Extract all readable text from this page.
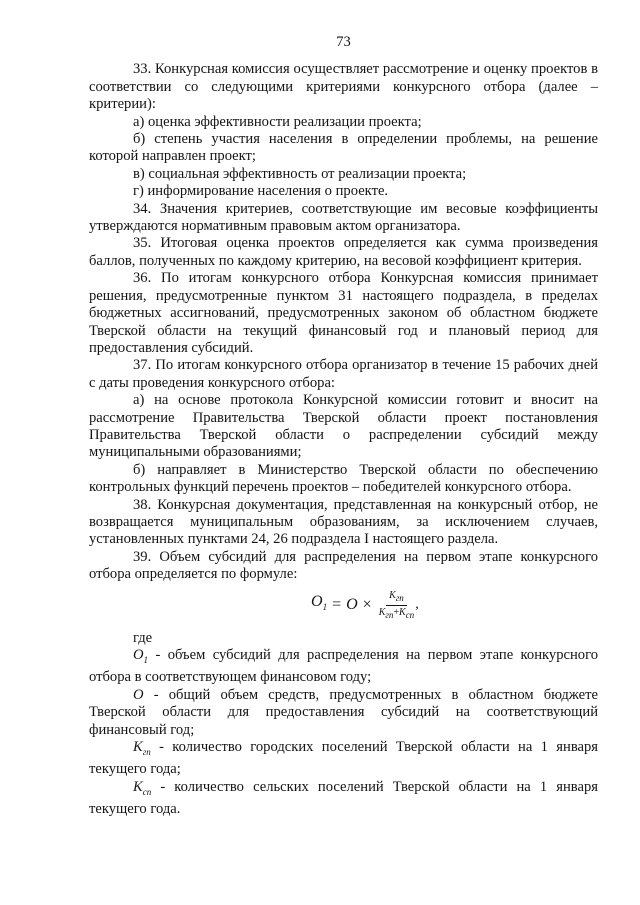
73

33. Конкурсная комиссия осуществляет рассмотрение и оценку проектов в соответствии со следующими критериями конкурсного отбора (далее – критерии):

а) оценка эффективности реализации проекта;

б) степень участия населения в определении проблемы, на решение которой направлен проект;

в) социальная эффективность от реализации проекта;

г) информирование населения о проекте.

34. Значения критериев, соответствующие им весовые коэффициенты утверждаются нормативным правовым актом организатора.

35. Итоговая оценка проектов определяется как сумма произведения баллов, полученных по каждому критерию, на весовой коэффициент критерия.

36. По итогам конкурсного отбора Конкурсная комиссия принимает решения, предусмотренные пунктом 31 настоящего подраздела, в пределах бюджетных ассигнований, предусмотренных законом об областном бюджете Тверской области на текущий финансовый год и плановый период для предоставления субсидий.

37. По итогам конкурсного отбора организатор в течение 15 рабочих дней с даты проведения конкурсного отбора:

а) на основе протокола Конкурсной комиссии готовит и вносит на рассмотрение Правительства Тверской области проект постановления Правительства Тверской области о распределении субсидий между муниципальными образованиями;

б) направляет в Министерство Тверской области по обеспечению контрольных функций перечень проектов – победителей конкурсного отбора.

38. Конкурсная документация, представленная на конкурсный отбор, не возвращается муниципальным образованиям, за исключением случаев, установленных пунктами 24, 26 подраздела I настоящего раздела.

39. Объем субсидий для распределения на первом этапе конкурсного отбора определяется по формуле:

$O_1 = O \times \frac{K_{гп}}{K_{гп}+K_{сп}}$ ,

где

$O_1$ - объем субсидий для распределения на первом этапе конкурсного отбора в соответствующем финансовом году;

O - общий объем средств, предусмотренных в областном бюджете Тверской области для предоставления субсидий на соответствующий финансовый год;

$K_{гп}$ - количество городских поселений Тверской области на 1 января текущего года;

$K_{сп}$ - количество сельских поселений Тверской области на 1 января текущего года.
